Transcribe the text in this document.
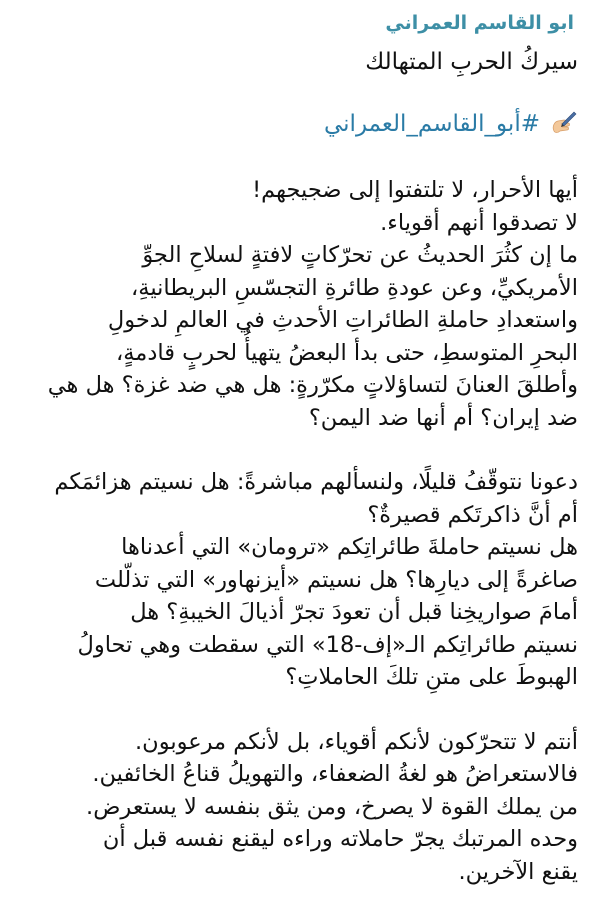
ابو القاسم العمراني
سيركُ الحربِ المتهالك
#أبو_القاسم_العمراني
أيها الأحرار، لا تلتفتوا إلى ضجيجهم!
لا تصدقوا أنهم أقوياء.
ما إن كثُرَ الحديثُ عن تحرّكاتٍ لافتةٍ لسلاحِ الجوِّ
الأمريكيِّ، وعن عودةِ طائرةِ التجسّسِ البريطانيةِ،
واستعدادِ حاملةِ الطائراتِ الأحدثِ في العالمِ لدخولِ
البحرِ المتوسطِ، حتى بدأ البعضُ يتهيأُ لحربٍ قادمةٍ،
وأطلقَ العنانَ لتساؤلاتٍ مكرّرةٍ: هل هي ضد غزة؟ هل هي
ضد إيران؟ أم أنها ضد اليمن؟
دعونا نتوقّفُ قليلًا، ولنسألهم مباشرةً: هل نسيتم هزائمَكم
أم أنَّ ذاكرتَكم قصيرةٌ؟
هل نسيتم حاملةَ طائراتِكم «ترومان» التي أعدناها
صاغرةً إلى ديارِها؟ هل نسيتم «أيزنهاور» التي تذلّلت
أمامَ صواريخِنا قبل أن تعودَ تجرّ أذيالَ الخيبةِ؟ هل
نسيتم طائراتِكم الـ«إف-18» التي سقطت وهي تحاولُ
الهبوطَ على متنِ تلكَ الحاملاتِ؟
أنتم لا تتحرّكون لأنكم أقوياء، بل لأنكم مرعوبون.
فالاستعراضُ هو لغةُ الضعفاء، والتهويلُ قناعُ الخائفين.
من يملك القوة لا يصرخ، ومن يثق بنفسه لا يستعرض.
وحده المرتبك يجرّ حاملاته وراءه ليقنع نفسه قبل أن
يقنع الآخرين.
